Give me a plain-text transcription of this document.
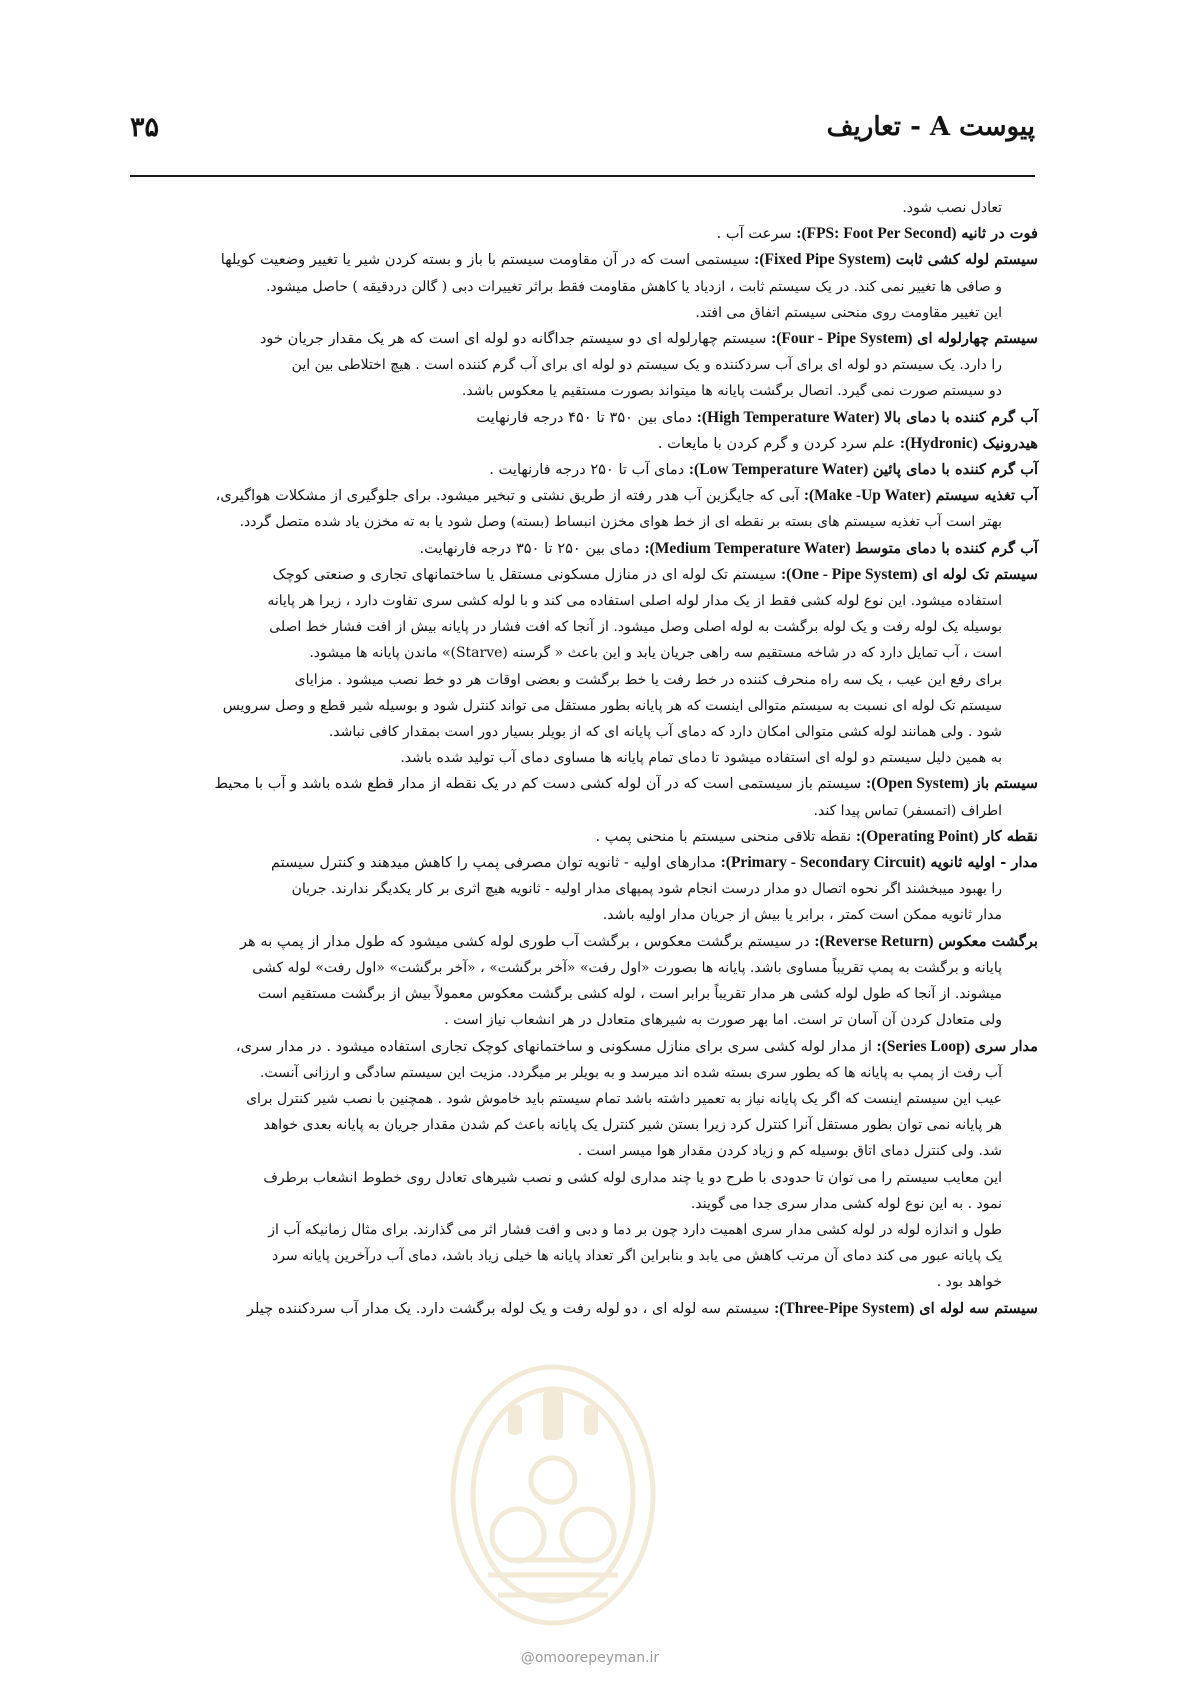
پیوست A - تعاریف
۳۵

تعادل نصب شود.

فوت در ثانیه (FPS: Foot Per Second): سرعت آب .

سیستم لوله کشی ثابت (Fixed Pipe System): سیستمی است که در آن مقاومت سیستم با باز و بسته کردن شیر یا تغییر وضعیت کویلها

و صافی ها تغییر نمی کند. در یک سیستم ثابت ، ازدیاد یا کاهش مقاومت فقط براثر تغییرات دبی ( گالن دردقیقه ) حاصل میشود.

این تغییر مقاومت روی منحنی سیستم اتفاق می افتد.

سیستم چهارلوله ای (Four - Pipe System): سیستم چهارلوله ای دو سیستم جداگانه دو لوله ای است که هر یک مقدار جریان خود

را دارد. یک سیستم دو لوله ای برای آب سردکننده و یک سیستم دو لوله ای برای آب گرم کننده است . هیچ اختلاطی بین این

دو سیستم صورت نمی گیرد. اتصال برگشت پایانه ها میتواند بصورت مستقیم یا معکوس باشد.

آب گرم کننده با دمای بالا (High Temperature Water): دمای بین ۳۵۰ تا ۴۵۰ درجه فارنهایت

هیدرونیک (Hydronic): علم سرد کردن و گرم کردن با مایعات .

آب گرم کننده با دمای پائین (Low Temperature Water): دمای آب تا ۲۵۰ درجه فارنهایت .

آب تغذیه سیستم (Make -Up Water): آبی که جایگزین آب هدر رفته از طریق نشتی و تبخیر میشود. برای جلوگیری از مشکلات هواگیری،

بهتر است آب تغذیه سیستم های بسته بر نقطه ای از خط هوای مخزن انبساط (بسته) وصل شود یا به ته مخزن یاد شده متصل گردد.

آب گرم کننده با دمای متوسط (Medium Temperature Water): دمای بین ۲۵۰ تا ۳۵۰ درجه فارنهایت.

سیستم تک لوله ای (One - Pipe System): سیستم تک لوله ای در منازل مسکونی مستقل یا ساختمانهای تجاری و صنعتی کوچک

استفاده میشود. این نوع لوله کشی فقط از یک مدار لوله اصلی استفاده می کند و با لوله کشی سری تفاوت دارد ، زیرا هر پایانه

بوسیله یک لوله رفت و یک لوله برگشت به لوله اصلی وصل میشود. از آنجا که افت فشار در پایانه بیش از افت فشار خط اصلی

است ، آب تمایل دارد که در شاخه مستقیم سه راهی جریان یابد و این باعث « گرسنه (Starve)» ماندن پایانه ها میشود.

برای رفع این عیب ، یک سه راه منحرف کننده در خط رفت یا خط برگشت و بعضی اوقات هر دو خط نصب میشود . مزایای

سیستم تک لوله ای نسبت به سیستم متوالی اینست که هر پایانه بطور مستقل می تواند کنترل شود و بوسیله شیر قطع و وصل سرویس

شود . ولی همانند لوله کشی متوالی امکان دارد که دمای آب پایانه ای که از بویلر بسیار دور است بمقدار کافی نباشد.

به همین دلیل سیستم دو لوله ای استفاده میشود تا دمای تمام پایانه ها مساوی دمای آب تولید شده باشد.

سیستم باز (Open System): سیستم باز سیستمی است که در آن لوله کشی دست کم در یک نقطه از مدار قطع شده باشد و آب با محیط

اطراف (اتمسفر) تماس پیدا کند.

نقطه کار (Operating Point): نقطه تلاقی منحنی سیستم با منحنی پمپ .

مدار - اولیه ثانویه (Primary - Secondary Circuit): مدارهای اولیه - ثانویه توان مصرفی پمپ را کاهش میدهند و کنترل سیستم

را بهبود میبخشند اگر نحوه اتصال دو مدار درست انجام شود پمپهای مدار اولیه - ثانویه هیچ اثری بر کار یکدیگر ندارند. جریان

مدار ثانویه ممکن است کمتر ، برابر یا بیش از جریان مدار اولیه باشد.

برگشت معکوس (Reverse Return): در سیستم برگشت معکوس ، برگشت آب طوری لوله کشی میشود که طول مدار از پمپ به هر

پایانه و برگشت به پمپ تقریباً مساوی باشد. پایانه ها بصورت «اول رفت» «آخر برگشت» ، «آخر برگشت» «اول رفت» لوله کشی

میشوند. از آنجا که طول لوله کشی هر مدار تقریباً برابر است ، لوله کشی برگشت معکوس معمولاً بیش از برگشت مستقیم است

ولی متعادل کردن آن آسان تر است. اما بهر صورت به شیرهای متعادل در هر انشعاب نیاز است .

مدار سری (Series Loop): از مدار لوله کشی سری برای منازل مسکونی و ساختمانهای کوچک تجاری استفاده میشود . در مدار سری،

آب رفت از پمپ به پایانه ها که بطور سری بسته شده اند میرسد و به بویلر بر میگردد. مزیت این سیستم سادگی و ارزانی آنست.

عیب این سیستم اینست که اگر یک پایانه نیاز به تعمیر داشته باشد تمام سیستم باید خاموش شود . همچنین با نصب شیر کنترل برای

هر پایانه نمی توان بطور مستقل آنرا کنترل کرد زیرا بستن شیر کنترل یک پایانه باعث کم شدن مقدار جریان به پایانه بعدی خواهد

شد. ولی کنترل دمای اتاق بوسیله کم و زیاد کردن مقدار هوا میسر است .

این معایب سیستم را می توان تا حدودی با طرح دو یا چند مداری لوله کشی و نصب شیرهای تعادل روی خطوط انشعاب برطرف

نمود . به این نوع لوله کشی مدار سری جدا می گویند.

طول و اندازه لوله در لوله کشی مدار سری اهمیت دارد چون بر دما و دبی و افت فشار اثر می گذارند. برای مثال زمانیکه آب از

یک پایانه عبور می کند دمای آن مرتب کاهش می یابد و بنابراین اگر تعداد پایانه ها خیلی زیاد باشد، دمای آب درآخرین پایانه سرد

خواهد بود .

سیستم سه لوله ای (Three-Pipe System): سیستم سه لوله ای ، دو لوله رفت و یک لوله برگشت دارد. یک مدار آب سردکننده چیلر

@omoorepeyman.ir
